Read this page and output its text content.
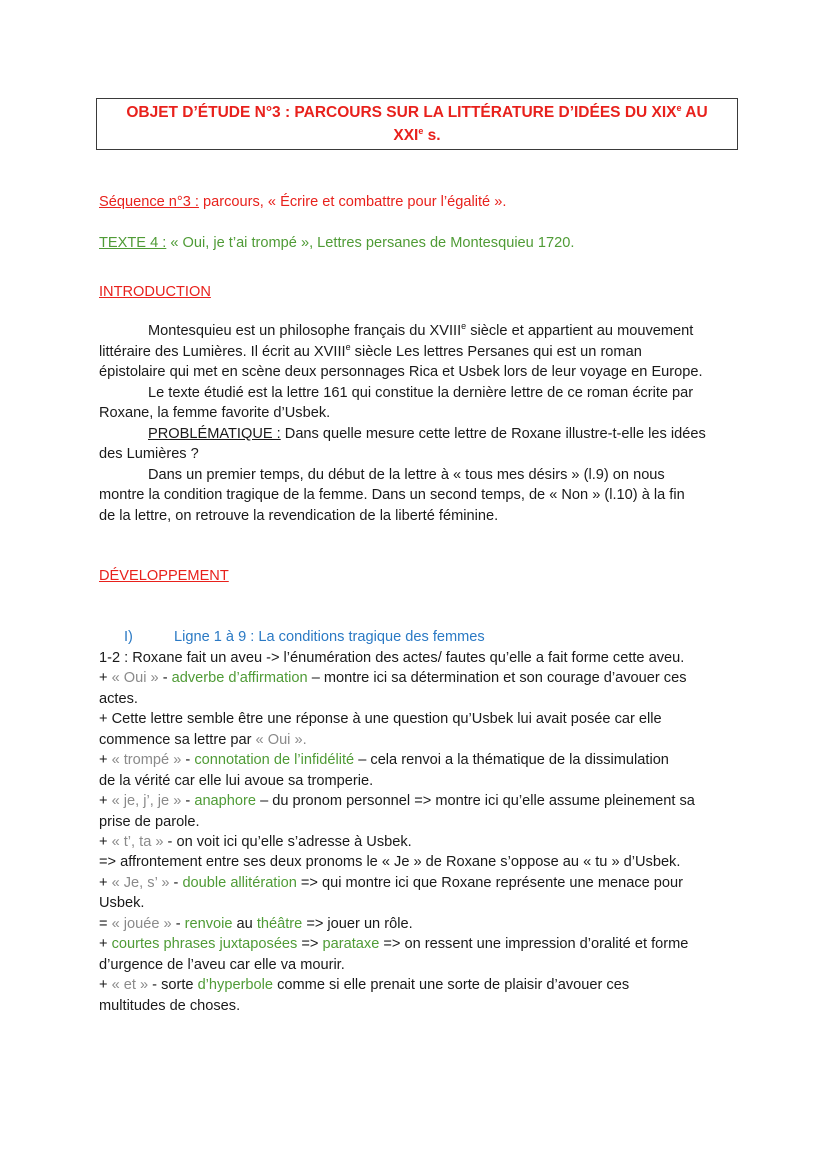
OBJET D’ÉTUDE N°3 : PARCOURS SUR LA LITTÉRATURE D’IDÉES DU XIXe AU
XXIe s.
Séquence n°3 : parcours, « Écrire et combattre pour l’égalité ».
TEXTE 4 : « Oui, je t’ai trompé », Lettres persanes de Montesquieu 1720.
INTRODUCTION
Montesquieu est un philosophe français du XVIIIe siècle et appartient au mouvement
littéraire des Lumières. Il écrit au XVIIIe siècle Les lettres Persanes qui est un roman
épistolaire qui met en scène deux personnages Rica et Usbek lors de leur voyage en Europe.
Le texte étudié est la lettre 161 qui constitue la dernière lettre de ce roman écrite par
Roxane, la femme favorite d’Usbek.
PROBLÉMATIQUE : Dans quelle mesure cette lettre de Roxane illustre-t-elle les idées
des Lumières ?
Dans un premier temps, du début de la lettre à « tous mes désirs » (l.9) on nous
montre la condition tragique de la femme. Dans un second temps, de « Non » (l.10) à la fin
de la lettre, on retrouve la revendication de la liberté féminine.
DÉVELOPPEMENT
I)	Ligne 1 à 9 : La conditions tragique des femmes
1-2 : Roxane fait un aveu -> l’énumération des actes/ fautes qu’elle a fait forme cette aveu.
+ « Oui » - adverbe d’affirmation – montre ici sa détermination et son courage d’avouer ces
actes.
+ Cette lettre semble être une réponse à une question qu’Usbek lui avait posée car elle
commence sa lettre par « Oui ».
+ « trompé » - connotation de l’infidélité – cela renvoi a la thématique de la dissimulation
de la vérité car elle lui avoue sa tromperie.
+ « je, j’, je » - anaphore – du pronom personnel => montre ici qu’elle assume pleinement sa
prise de parole.
+ « t’, ta » - on voit ici qu’elle s’adresse à Usbek.
=> affrontement entre ses deux pronoms le « Je » de Roxane s’oppose au « tu » d’Usbek.
+ « Je, s’ » - double allitération => qui montre ici que Roxane représente une menace pour
Usbek.
= « jouée » - renvoie au théâtre => jouer un rôle.
+ courtes phrases juxtaposées => parataxe => on ressent une impression d’oralité et forme
d’urgence de l’aveu car elle va mourir.
+ « et » - sorte d’hyperbole comme si elle prenait une sorte de plaisir d’avouer ces
multitudes de choses.
